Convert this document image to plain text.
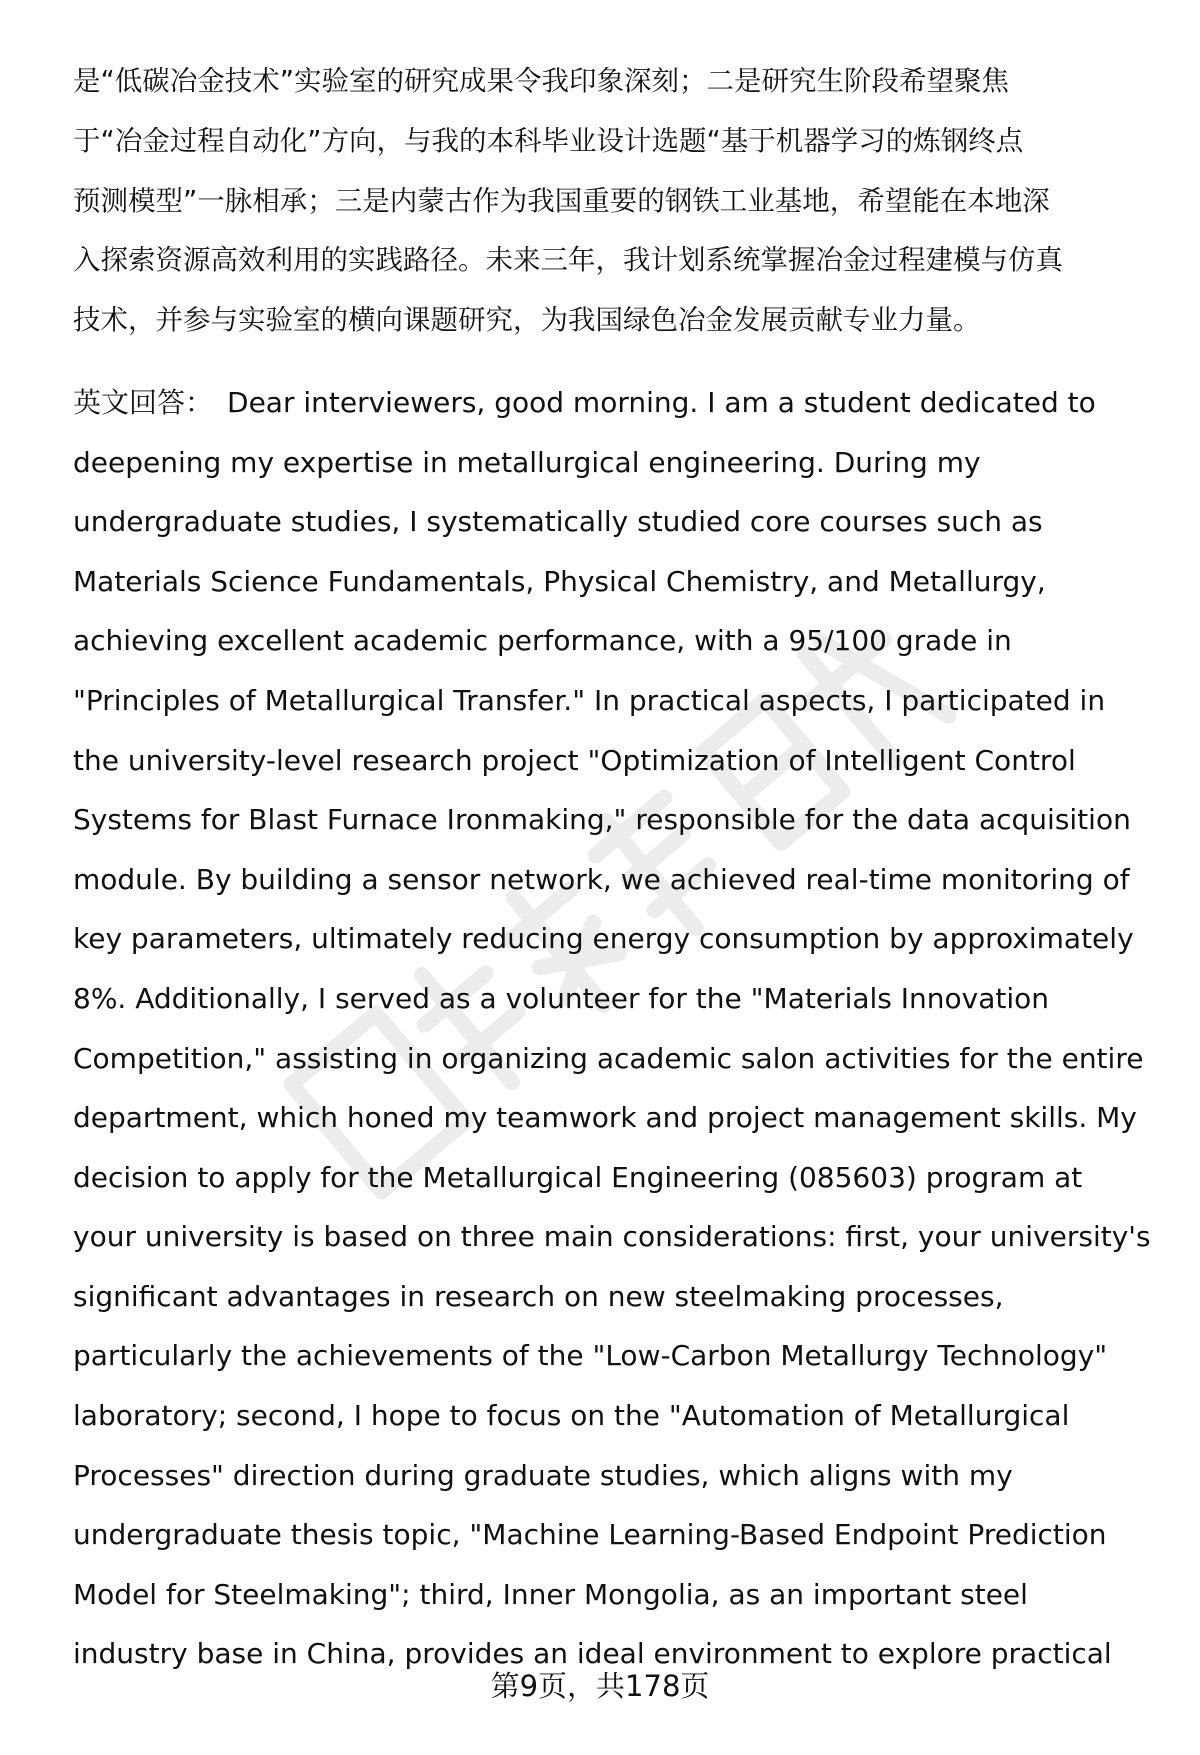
是“低碳冶金技术”实验室的研究成果令我印象深刻；二是研究生阶段希望聚焦
于“冶金过程自动化”方向，与我的本科毕业设计选题“基于机器学习的炼钢终点
预测模型”一脉相承；三是内蒙古作为我国重要的钢铁工业基地，希望能在本地深
入探索资源高效利用的实践路径。未来三年，我计划系统掌握冶金过程建模与仿真
技术，并参与实验室的横向课题研究，为我国绿色冶金发展贡献专业力量。

英文回答：  Dear interviewers, good morning. I am a student dedicated to
deepening my expertise in metallurgical engineering. During my
undergraduate studies, I systematically studied core courses such as
Materials Science Fundamentals, Physical Chemistry, and Metallurgy,
achieving excellent academic performance, with a 95/100 grade in
"Principles of Metallurgical Transfer." In practical aspects, I participated in
the university-level research project "Optimization of Intelligent Control
Systems for Blast Furnace Ironmaking," responsible for the data acquisition
module. By building a sensor network, we achieved real-time monitoring of
key parameters, ultimately reducing energy consumption by approximately
8%. Additionally, I served as a volunteer for the "Materials Innovation
Competition," assisting in organizing academic salon activities for the entire
department, which honed my teamwork and project management skills. My
decision to apply for the Metallurgical Engineering (085603) program at
your university is based on three main considerations: first, your university's
significant advantages in research on new steelmaking processes,
particularly the achievements of the "Low-Carbon Metallurgy Technology"
laboratory; second, I hope to focus on the "Automation of Metallurgical
Processes" direction during graduate studies, which aligns with my
undergraduate thesis topic, "Machine Learning-Based Endpoint Prediction
Model for Steelmaking"; third, Inner Mongolia, as an important steel
industry base in China, provides an ideal environment to explore practical

第9页，共178页
